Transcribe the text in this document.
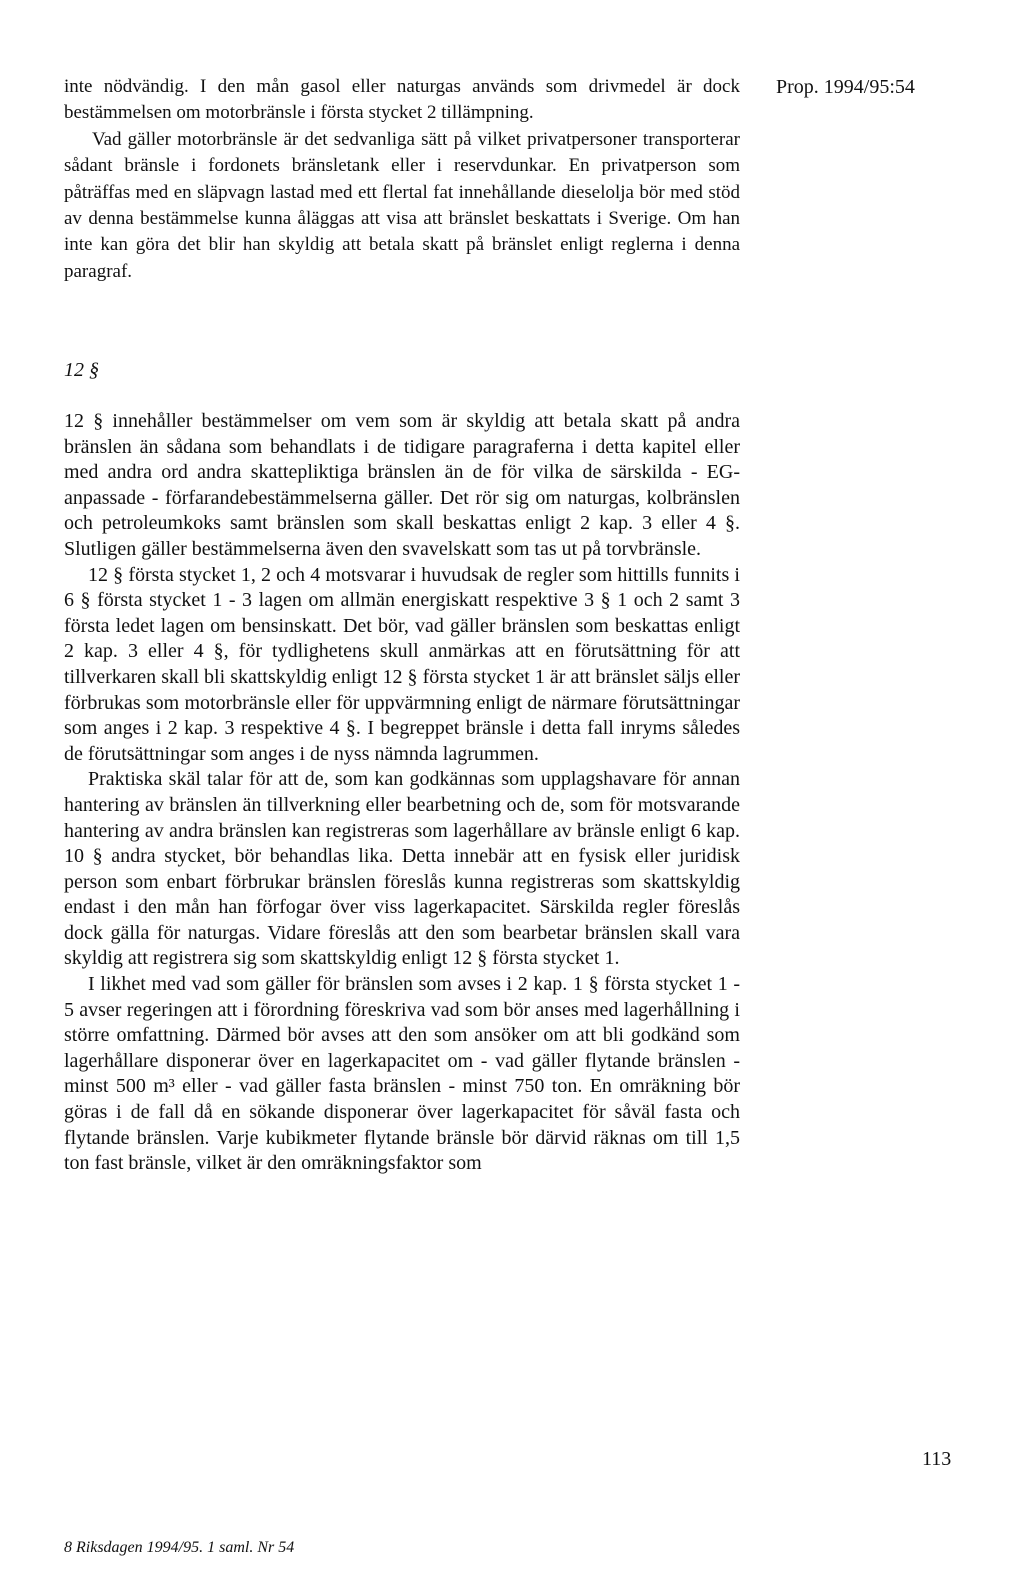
Prop. 1994/95:54

inte nödvändig. I den mån gasol eller naturgas används som drivmedel är dock bestämmelsen om motorbränsle i första stycket 2 tillämpning.

Vad gäller motorbränsle är det sedvanliga sätt på vilket privatpersoner transporterar sådant bränsle i fordonets bränsletank eller i reservdunkar. En privatperson som påträffas med en släpvagn lastad med ett flertal fat innehållande dieselolja bör med stöd av denna bestämmelse kunna åläggas att visa att bränslet beskattats i Sverige. Om han inte kan göra det blir han skyldig att betala skatt på bränslet enligt reglerna i denna paragraf.

12 §

12 § innehåller bestämmelser om vem som är skyldig att betala skatt på andra bränslen än sådana som behandlats i de tidigare paragraferna i detta kapitel eller med andra ord andra skattepliktiga bränslen än de för vilka de särskilda - EG-anpassade - förfarandebestämmelserna gäller. Det rör sig om naturgas, kolbränslen och petroleumkoks samt bränslen som skall beskattas enligt 2 kap. 3 eller 4 §. Slutligen gäller bestämmelserna även den svavelskatt som tas ut på torvbränsle.

12 § första stycket 1, 2 och 4 motsvarar i huvudsak de regler som hittills funnits i 6 § första stycket 1 - 3 lagen om allmän energiskatt respektive 3 § 1 och 2 samt 3 första ledet lagen om bensinskatt. Det bör, vad gäller bränslen som beskattas enligt 2 kap. 3 eller 4 §, för tydlighetens skull anmärkas att en förutsättning för att tillverkaren skall bli skattskyldig enligt 12 § första stycket 1 är att bränslet säljs eller förbrukas som motorbränsle eller för uppvärmning enligt de närmare förutsättningar som anges i 2 kap. 3 respektive 4 §. I begreppet bränsle i detta fall inryms således de förutsättningar som anges i de nyss nämnda lagrummen.

Praktiska skäl talar för att de, som kan godkännas som upplagshavare för annan hantering av bränslen än tillverkning eller bearbetning och de, som för motsvarande hantering av andra bränslen kan registreras som lagerhållare av bränsle enligt 6 kap. 10 § andra stycket, bör behandlas lika. Detta innebär att en fysisk eller juridisk person som enbart förbrukar bränslen föreslås kunna registreras som skattskyldig endast i den mån han förfogar över viss lagerkapacitet. Särskilda regler föreslås dock gälla för naturgas. Vidare föreslås att den som bearbetar bränslen skall vara skyldig att registrera sig som skattskyldig enligt 12 § första stycket 1.

I likhet med vad som gäller för bränslen som avses i 2 kap. 1 § första stycket 1 - 5 avser regeringen att i förordning föreskriva vad som bör anses med lagerhållning i större omfattning. Därmed bör avses att den som ansöker om att bli godkänd som lagerhållare disponerar över en lagerkapacitet om - vad gäller flytande bränslen - minst 500 m³ eller - vad gäller fasta bränslen - minst 750 ton. En omräkning bör göras i de fall då en sökande disponerar över lagerkapacitet för såväl fasta och flytande bränslen. Varje kubikmeter flytande bränsle bör därvid räknas om till 1,5 ton fast bränsle, vilket är den omräkningsfaktor som

8 Riksdagen 1994/95. 1 saml. Nr 54
113
